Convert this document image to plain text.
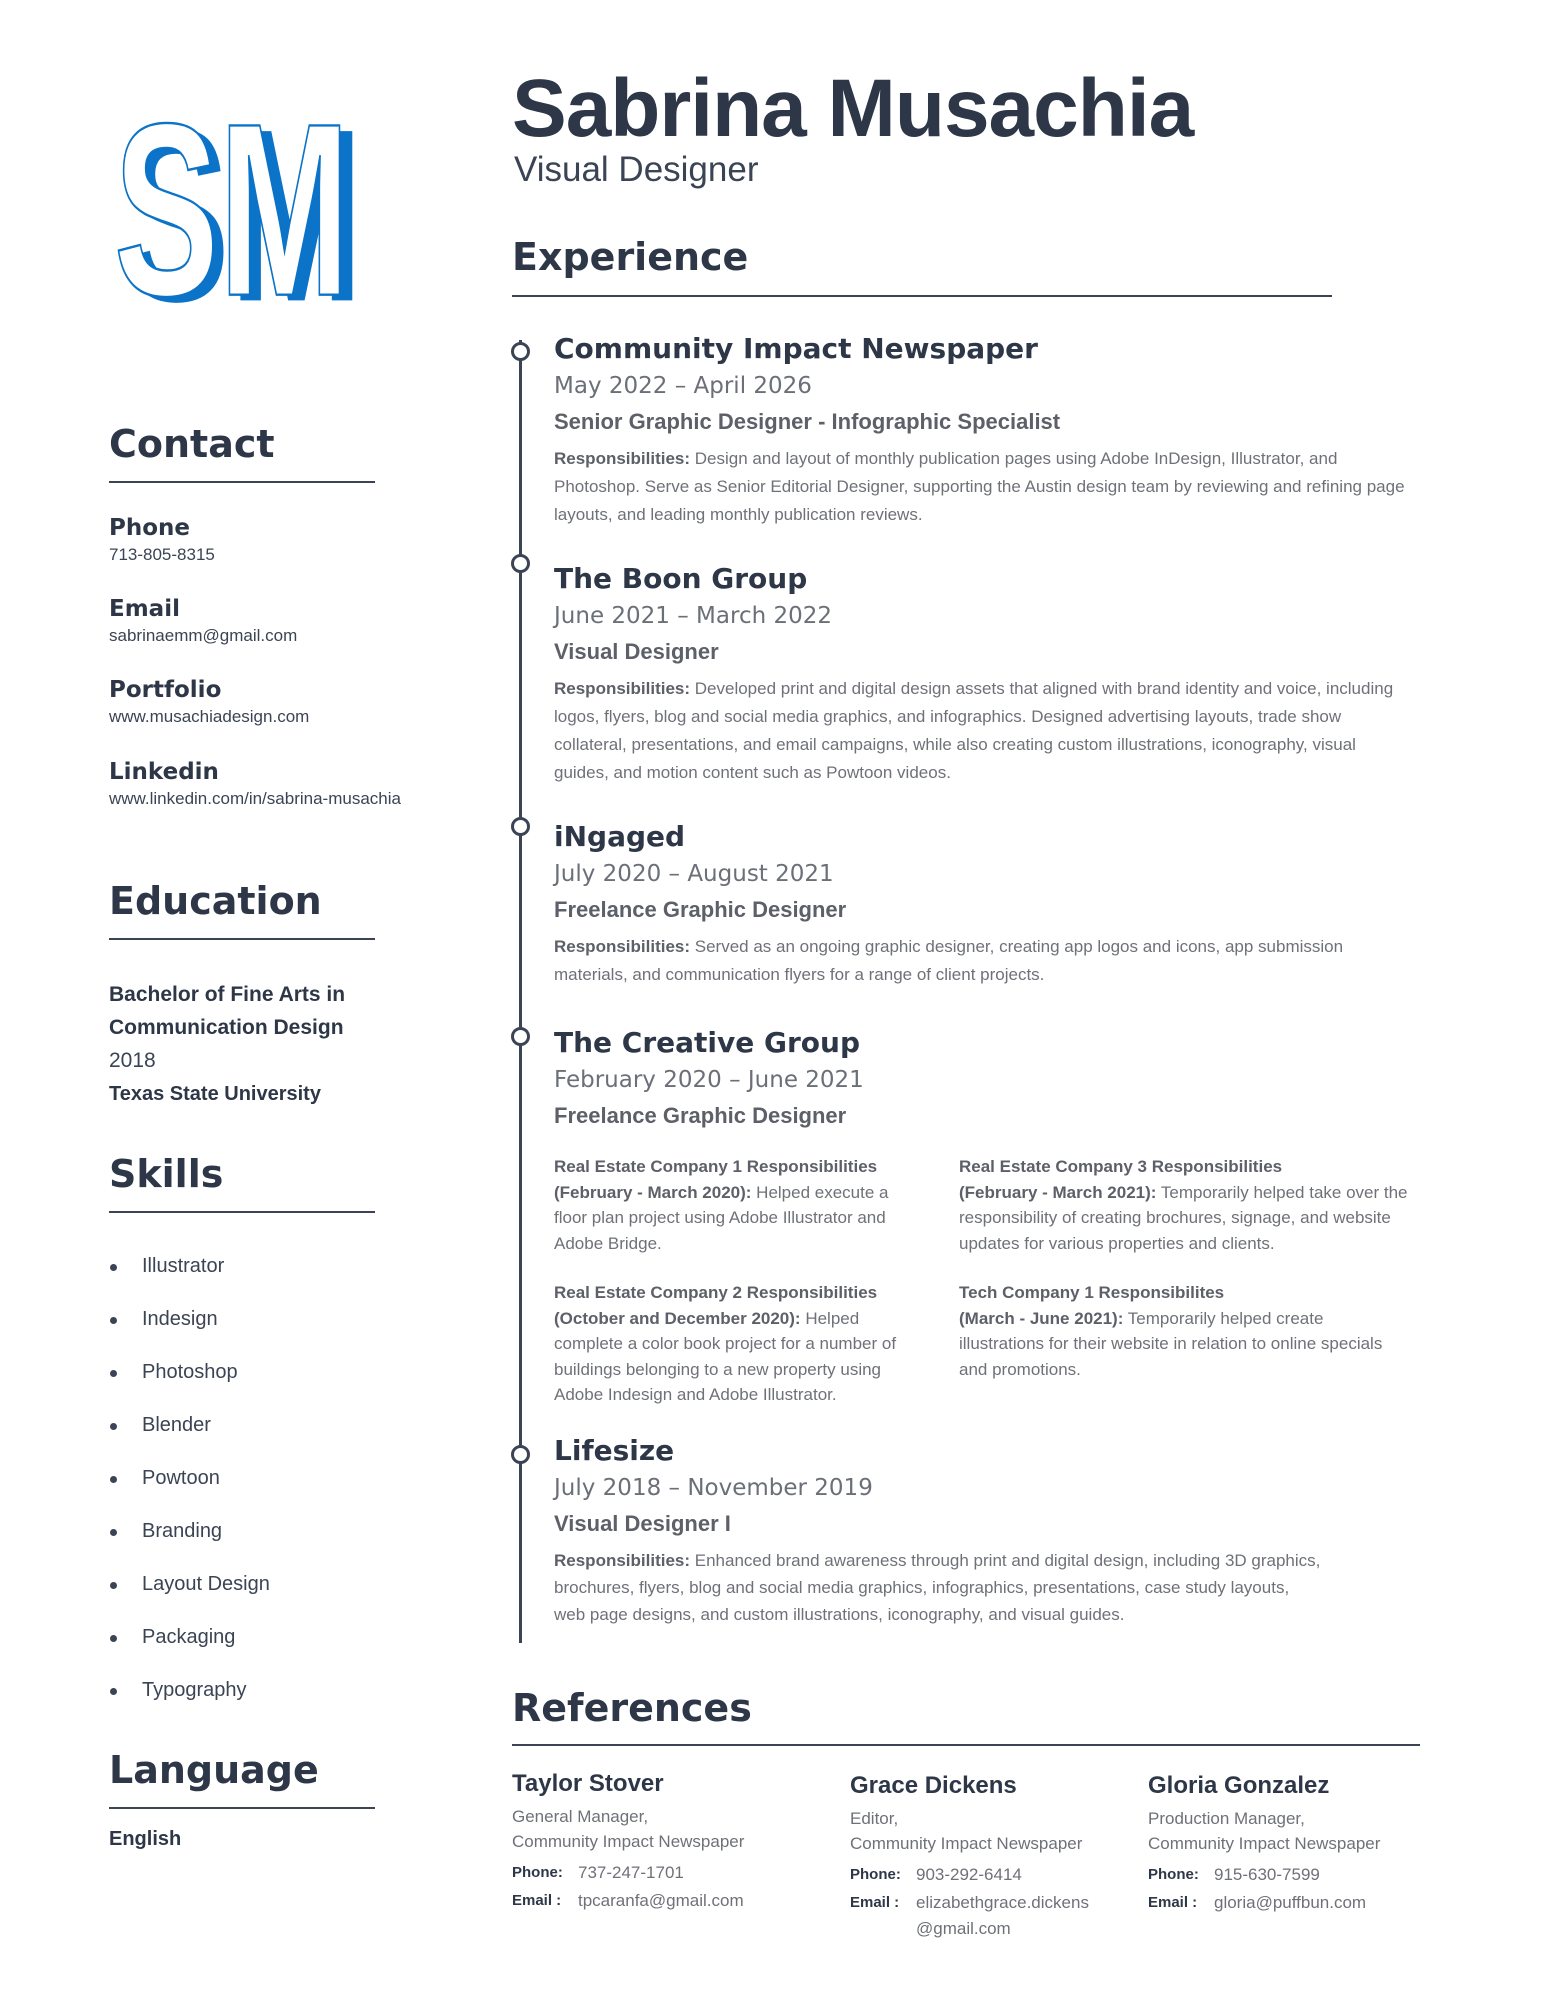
SM
SM Sabrina Musachia
Visual Designer
Contact
Phone
713-805-8315
Email
sabrinaemm@gmail.com
Portfolio
www.musachiadesign.com
Linkedin
www.linkedin.com/in/sabrina-musachia
Education
Bachelor of Fine Arts in
Communication Design
2018
Texas State University
Skills
Illustrator
Indesign
Photoshop
Blender
Powtoon
Branding
Layout Design
Packaging
Typography
Language
English
Experience
Community Impact Newspaper
May 2022 – April 2026
Senior Graphic Designer - Infographic Specialist
Responsibilities: Design and layout of monthly publication pages using Adobe InDesign, Illustrator, and Photoshop. Serve as Senior Editorial Designer, supporting the Austin design team by reviewing and refining page layouts, and leading monthly publication reviews.
The Boon Group
June 2021 – March 2022
Visual Designer
Responsibilities: Developed print and digital design assets that aligned with brand identity and voice, including logos, flyers, blog and social media graphics, and infographics. Designed advertising layouts, trade show collateral, presentations, and email campaigns, while also creating custom illustrations, iconography, visual guides, and motion content such as Powtoon videos.
iNgaged
July 2020 – August 2021
Freelance Graphic Designer
Responsibilities: Served as an ongoing graphic designer, creating app logos and icons, app submission materials, and communication flyers for a range of client projects.
The Creative Group
February 2020 – June 2021
Freelance Graphic Designer
Real Estate Company 1 Responsibilities
(February - March 2020): Helped execute a floor plan project using Adobe Illustrator and Adobe Bridge.
Real Estate Company 3 Responsibilities
(February - March 2021): Temporarily helped take over the responsibility of creating brochures, signage, and website updates for various properties and clients.
Real Estate Company 2 Responsibilities
(October and December 2020): Helped complete a color book project for a number of buildings belonging to a new property using Adobe Indesign and Adobe Illustrator.
Tech Company 1 Responsibilites
(March - June 2021): Temporarily helped create illustrations for their website in relation to online specials and promotions.
Lifesize
July 2018 – November 2019
Visual Designer I
Responsibilities: Enhanced brand awareness through print and digital design, including 3D graphics, brochures, flyers, blog and social media graphics, infographics, presentations, case study layouts, web page designs, and custom illustrations, iconography, and visual guides.
References
Taylor Stover
General Manager,
Community Impact Newspaper
Phone: 737-247-1701
Email : tpcaranfa@gmail.com
Grace Dickens
Editor,
Community Impact Newspaper
Phone: 903-292-6414
Email : elizabethgrace.dickens @gmail.com
Gloria Gonzalez
Production Manager,
Community Impact Newspaper
Phone: 915-630-7599
Email : gloria@puffbun.com
